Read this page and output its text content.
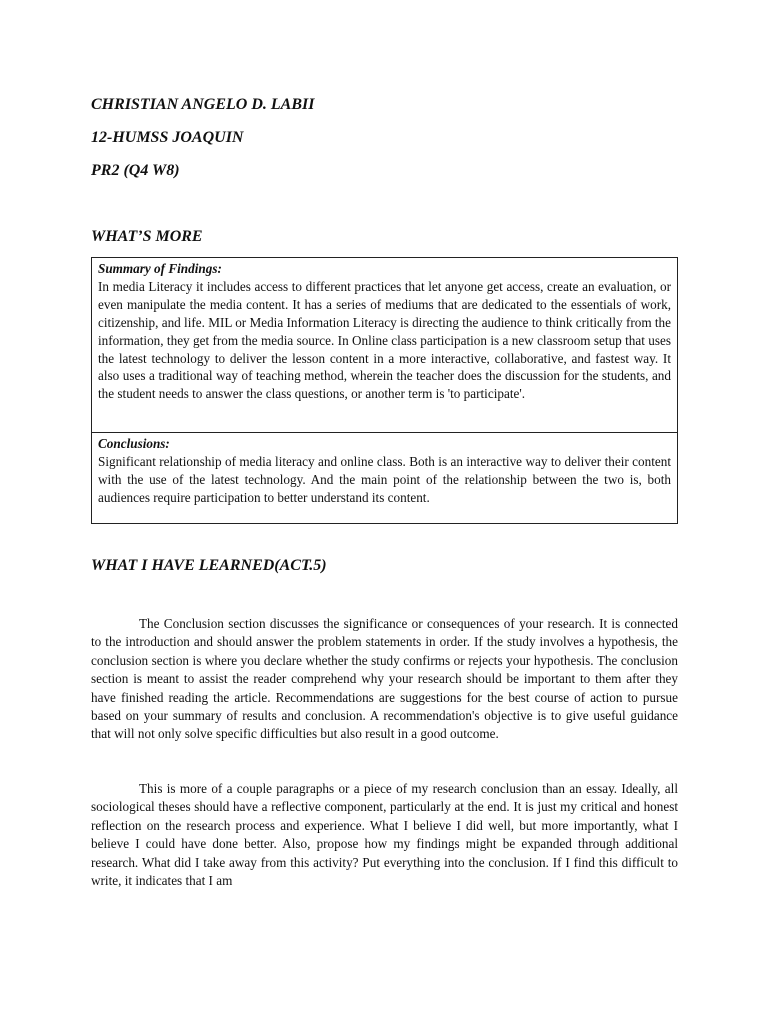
CHRISTIAN ANGELO D. LABII

12-HUMSS JOAQUIN

PR2 (Q4 W8)

WHAT’S MORE

Summary of Findings:
In media Literacy it includes access to different practices that let anyone get access, create an evaluation, or even manipulate the media content. It has a series of mediums that are dedicated to the essentials of work, citizenship, and life. MIL or Media Information Literacy is directing the audience to think critically from the information, they get from the media source. In Online class participation is a new classroom setup that uses the latest technology to deliver the lesson content in a more interactive, collaborative, and fastest way. It also uses a traditional way of teaching method, wherein the teacher does the discussion for the students, and the student needs to answer the class questions, or another term is 'to participate'.
Conclusions:
Significant relationship of media literacy and online class. Both is an interactive way to deliver their content with the use of the latest technology. And the main point of the relationship between the two is, both audiences require participation to better understand its content.

WHAT I HAVE LEARNED(ACT.5)

The Conclusion section discusses the significance or consequences of your research. It is connected to the introduction and should answer the problem statements in order. If the study involves a hypothesis, the conclusion section is where you declare whether the study confirms or rejects your hypothesis. The conclusion section is meant to assist the reader comprehend why your research should be important to them after they have finished reading the article. Recommendations are suggestions for the best course of action to pursue based on your summary of results and conclusion. A recommendation's objective is to give useful guidance that will not only solve specific difficulties but also result in a good outcome.

This is more of a couple paragraphs or a piece of my research conclusion than an essay. Ideally, all sociological theses should have a reflective component, particularly at the end. It is just my critical and honest reflection on the research process and experience. What I believe I did well, but more importantly, what I believe I could have done better. Also, propose how my findings might be expanded through additional research. What did I take away from this activity? Put everything into the conclusion. If I find this difficult to write, it indicates that I am
